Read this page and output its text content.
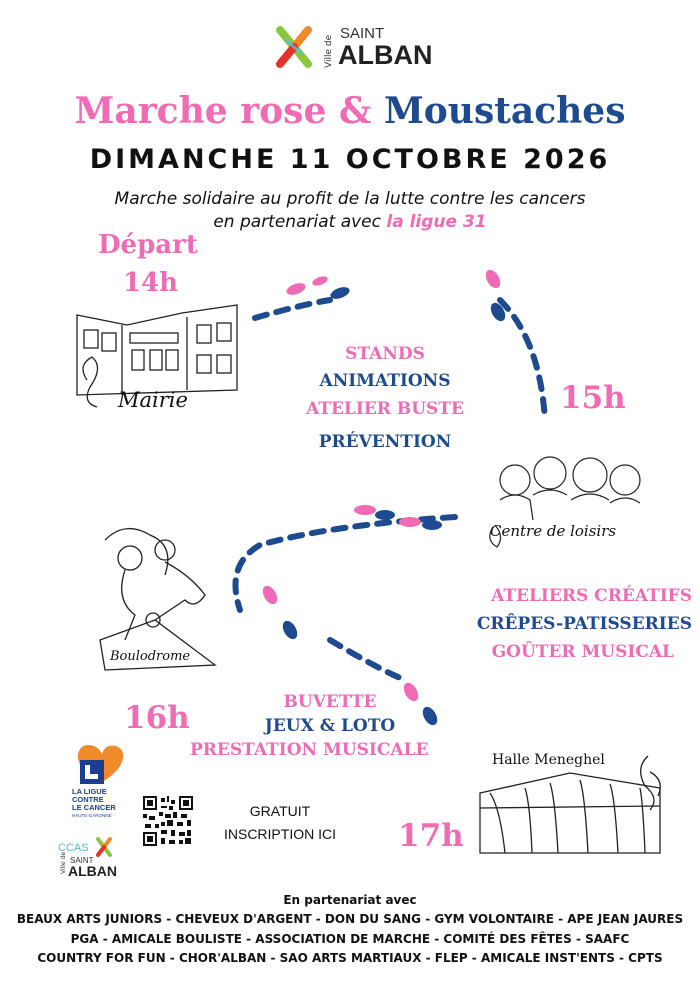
Ville de
SAINT
ALBAN
Marche rose & Moustaches
DIMANCHE 11 OCTOBRE 2026
Marche solidaire au profit de la lutte contre les cancers
en partenariat avec la ligue 31
Mairie
Départ
14h
STANDS
ANIMATIONS
ATELIER BUSTE
PRÉVENTION
15h
Centre de loisirs
ATELIERS CRÉATIFS
CRÊPES-PATISSERIES
GOÛTER MUSICAL
Boulodrome
16h	BUVETTE
JEUX & LOTO
PRESTATION MUSICALE	Halle Meneghel
17h
LA LIGUE
CONTRE
LE CANCER
HAUTE-GARONNE
CCAS
Ville de SAINT
ALBAN
GRATUIT
INSCRIPTION ICI
En partenariat avec
BEAUX ARTS JUNIORS - CHEVEUX D'ARGENT - DON DU SANG - GYM VOLONTAIRE - APE JEAN JAURES
PGA - AMICALE BOULISTE - ASSOCIATION DE MARCHE - COMITÉ DES FÊTES - SAAFC
COUNTRY FOR FUN - CHOR'ALBAN - SAO ARTS MARTIAUX - FLEP - AMICALE INST'ENTS - CPTS
